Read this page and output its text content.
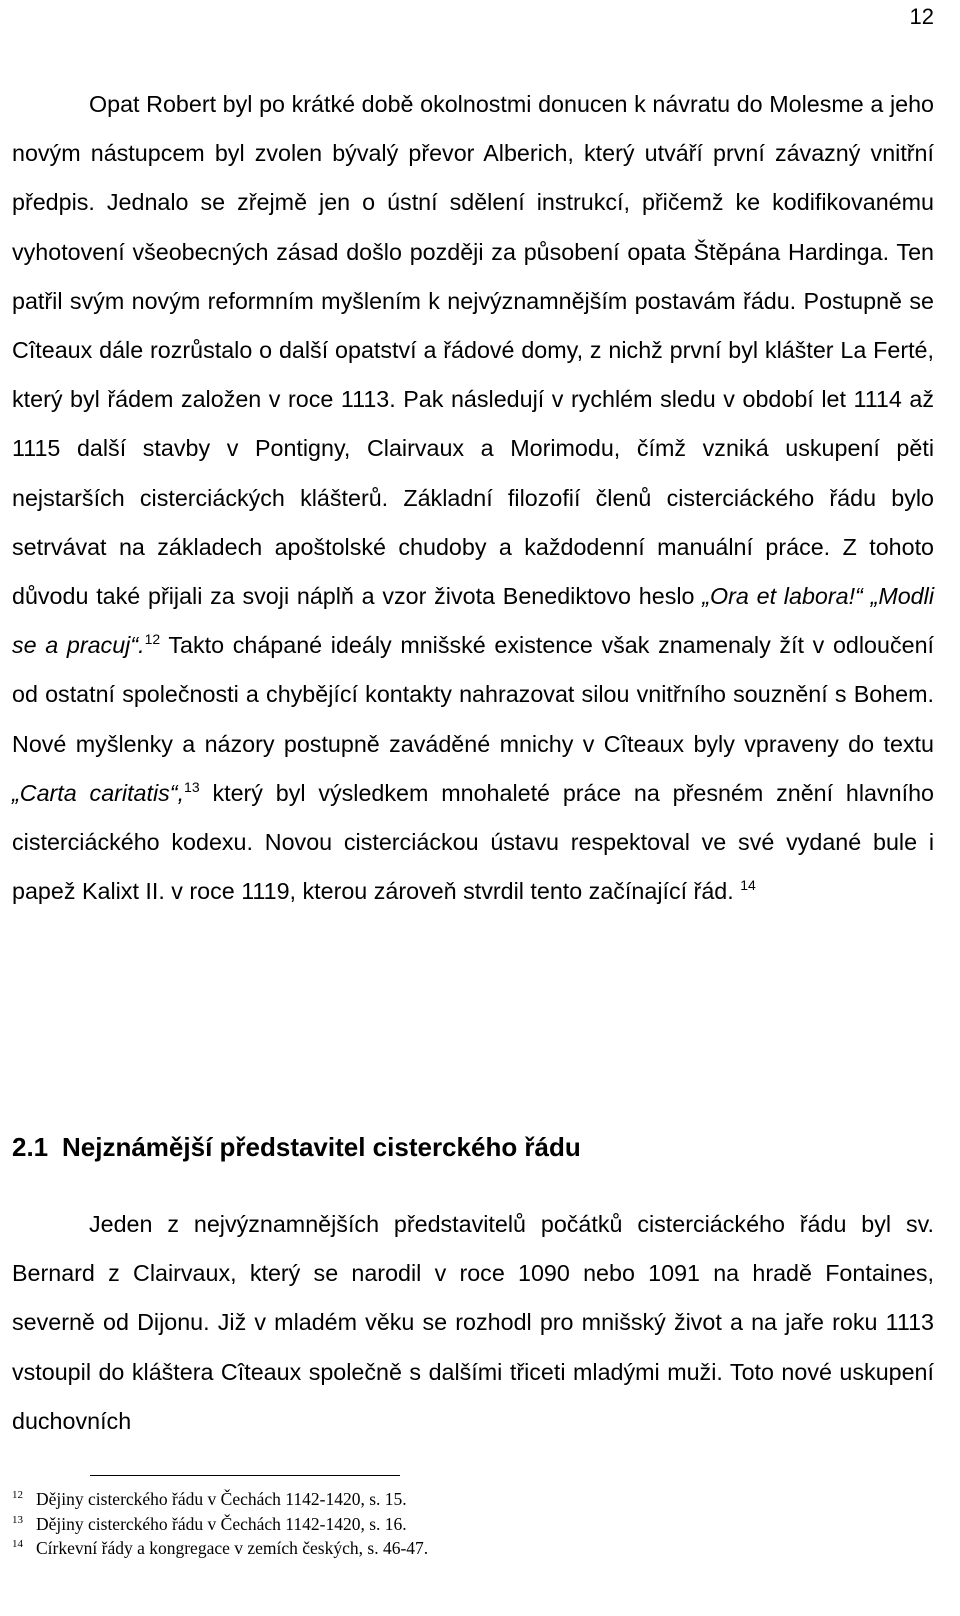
12

Opat Robert byl po krátké době okolnostmi donucen k návratu do Molesme a jeho novým nástupcem byl zvolen bývalý převor Alberich, který utváří první závazný vnitřní předpis. Jednalo se zřejmě jen o ústní sdělení instrukcí, přičemž ke kodifikovanému vyhotovení všeobecných zásad došlo později za působení opata Štěpána Hardinga. Ten patřil svým novým reformním myšlením k nejvýznamnějším postavám řádu. Postupně se Cîteaux dále rozrůstalo o další opatství a řádové domy, z nichž první byl klášter La Ferté, který byl řádem založen v roce 1113. Pak následují v rychlém sledu v období let 1114 až 1115 další stavby v Pontigny, Clairvaux a Morimodu, čímž vzniká uskupení pěti nejstarších cisterciáckých klášterů. Základní filozofií členů cisterciáckého řádu bylo setrvávat na základech apoštolské chudoby a každodenní manuální práce. Z tohoto důvodu také přijali za svoji náplň a vzor života Benediktovo heslo „Ora et labora!“ „Modli se a pracuj“.$^{12}$ Takto chápané ideály mnišské existence však znamenaly žít v odloučení od ostatní společnosti a chybějící kontakty nahrazovat silou vnitřního souznění s Bohem. Nové myšlenky a názory postupně zaváděné mnichy v Cîteaux byly vpraveny do textu „Carta caritatis“,$^{13}$ který byl výsledkem mnohaleté práce na přesném znění hlavního cisterciáckého kodexu. Novou cisterciáckou ústavu respektoval ve své vydané bule i papež Kalixt II. v roce 1119, kterou zároveň stvrdil tento začínající řád. $^{14}$

2.1 Nejznámější představitel cisterckého řádu

Jeden z nejvýznamnějších představitelů počátků cisterciáckého řádu byl sv. Bernard z Clairvaux, který se narodil v roce 1090 nebo 1091 na hradě Fontaines, severně od Dijonu. Již v mladém věku se rozhodl pro mnišský život a na jaře roku 1113 vstoupil do kláštera Cîteaux společně s dalšími třiceti mladými muži. Toto nové uskupení duchovních

12 Dějiny cisterckého řádu v Čechách 1142-1420, s. 15.
13 Dějiny cisterckého řádu v Čechách 1142-1420, s. 16.
14 Církevní řády a kongregace v zemích českých, s. 46-47.
